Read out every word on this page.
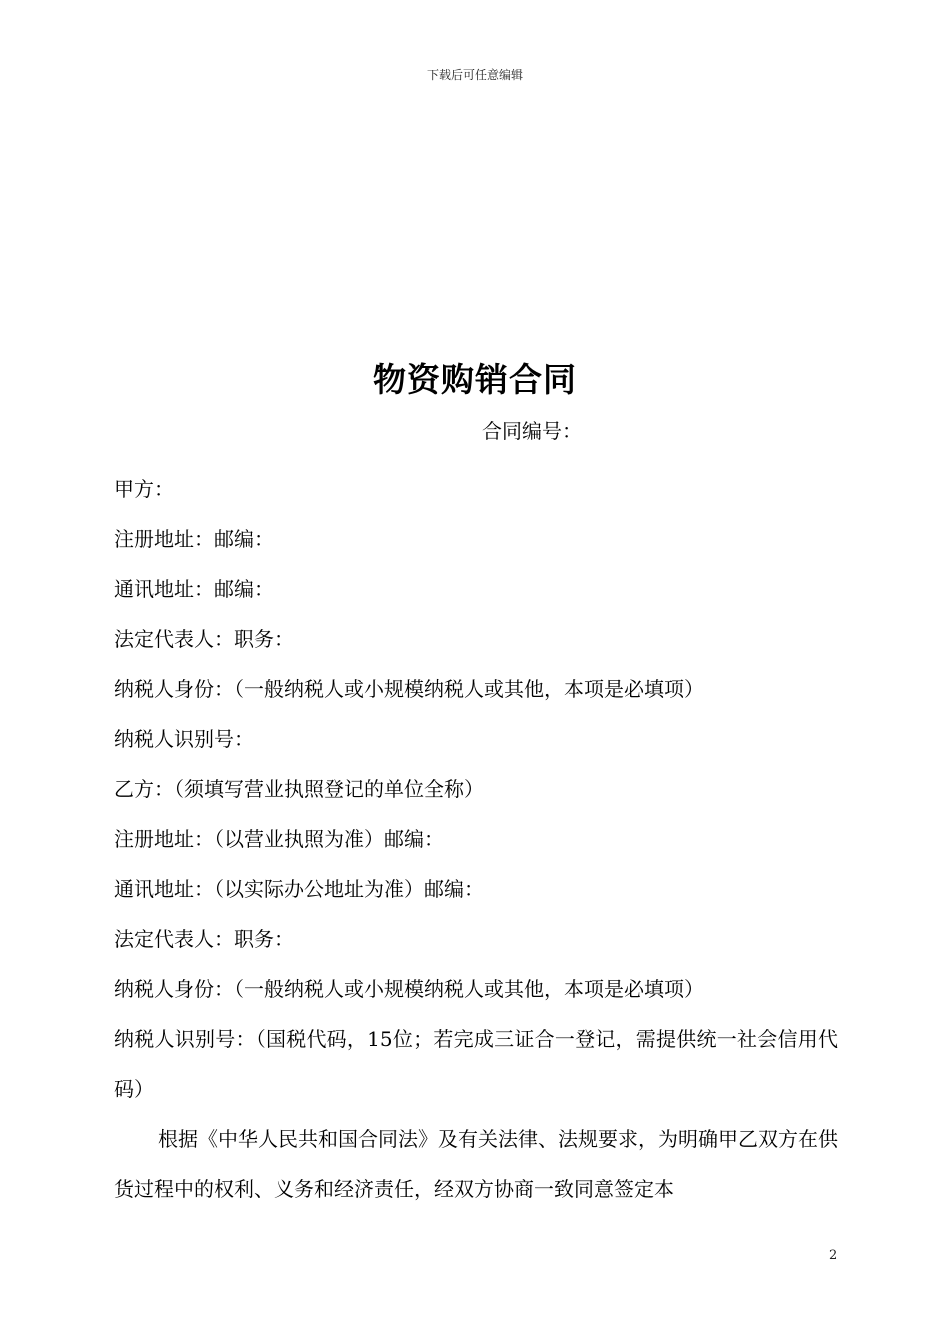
下载后可任意编辑
物资购销合同
合同编号：
甲方：
注册地址：邮编：
通讯地址：邮编：
法定代表人：职务：
纳税人身份：（一般纳税人或小规模纳税人或其他，本项是必填项）
纳税人识别号：
乙方：（须填写营业执照登记的单位全称）
注册地址：（以营业执照为准）邮编：
通讯地址：（以实际办公地址为准）邮编：
法定代表人：职务：
纳税人身份：（一般纳税人或小规模纳税人或其他，本项是必填项）
纳税人识别号：（国税代码，15位；若完成三证合一登记，需提供统一社会信用代码）
根据《中华人民共和国合同法》及有关法律、法规要求，为明确甲乙双方在供货过程中的权利、义务和经济责任，经双方协商一致同意签定本
2
